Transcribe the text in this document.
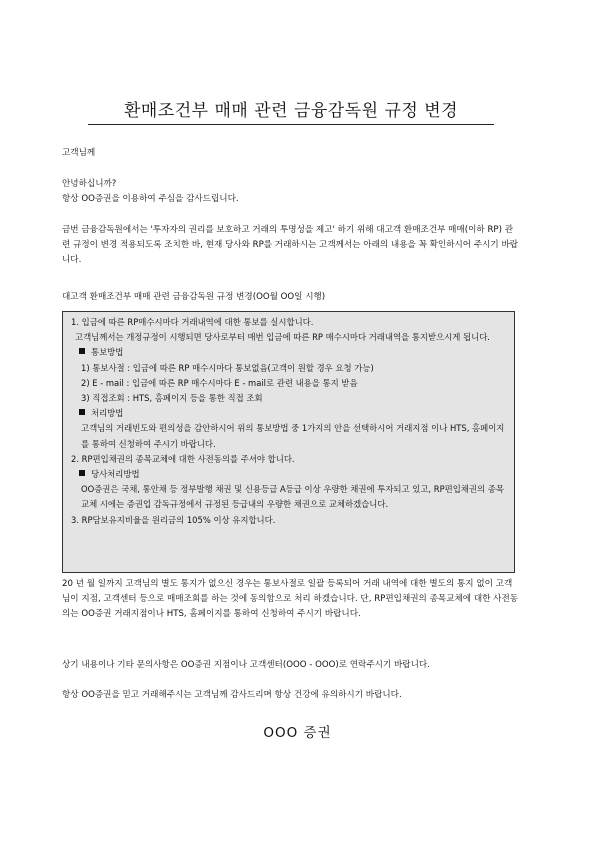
환매조건부 매매 관련 금융감독원 규정 변경
고객님께
안녕하십니까?
항상 OO증권을 이용하여 주심을 감사드립니다.
금번 금융감독원에서는 '투자자의 권리를 보호하고 거래의 투명성을 제고' 하기 위해 대고객 환매조건부 매매(이하 RP) 관련 규정이 변경 적용되도록 조치한 바, 현재 당사와 RP를 거래하시는 고객께서는 아래의 내용을 꼭 확인하시어 주시기 바랍니다.
대고객 환매조건부 매매 관련 금융감독원 규정 변경(OO월 OO일 시행)
1. 입금에 따른 RP매수시마다 거래내역에 대한 통보를 실시합니다.
고객님께서는 개정규정이 시행되면 당사로부터 매번 입금에 따른 RP 매수시마다 거래내역을 통지받으시게 됩니다.
통보방법
1) 통보사절 : 입금에 따른 RP 매수시마다 통보없음(고객이 원할 경우 요청 가능)
2) E - mail : 입금에 따른 RP 매수시마다 E - mail로 관련 내용을 통지 받음
3) 직접조회 : HTS, 홈페이지 등을 통한 직접 조회
처리방법
고객님의 거래빈도와 편의성을 감안하시어 위의 통보방법 중 1가지의 안을 선택하시어 거래지점 이나 HTS, 홈페이지를 통하여 신청하여 주시기 바랍니다.
2. RP편입채권의 종목교체에 대한 사전동의를 주셔야 합니다.
당사처리방법
OO증권은 국채, 통안채 등 정부발행 채권 및 신용등급 A등급 이상 우량한 채권에 투자되고 있고, RP편입채권의 종목교체 시에는 증권업 감독규정에서 규정된 등급내의 우량한 채권으로 교체하겠습니다.
3. RP담보유지비율을 원리금의 105% 이상 유지합니다.
20 년 월 일까지 고객님의 별도 통지가 없으신 경우는 통보사절로 일괄 등록되어 거래 내역에 대한 별도의 통지 없이 고객님이 지점, 고객센터 등으로 매매조회를 하는 것에 동의함으로 처리 하겠습니다. 단, RP편입채권의 종목교체에 대한 사전동의는 OO증권 거래지점이나 HTS, 홈페이지를 통하여 신청하여 주시기 바랍니다.
상기 내용이나 기타 문의사항은 OO증권 지점이나 고객센터(OOO - OOO)로 연락주시기 바랍니다.
항상 OO증권을 믿고 거래해주시는 고객님께 감사드리며 항상 건강에 유의하시기 바랍니다.
OOO 증권
